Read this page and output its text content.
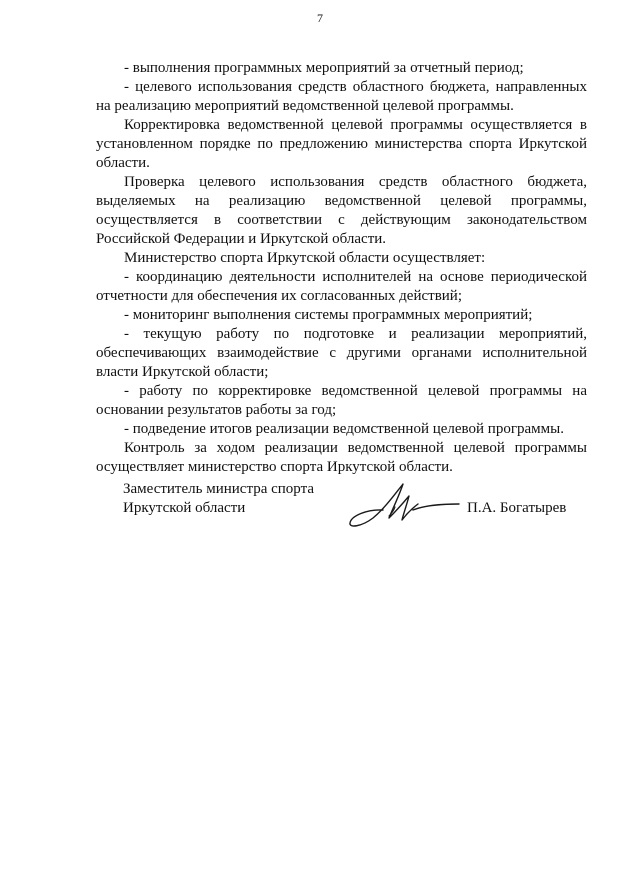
7

- выполнения программных мероприятий за отчетный период;

- целевого использования средств областного бюджета, направленных на реализацию мероприятий ведомственной целевой программы.

Корректировка ведомственной целевой программы осуществляется в установленном порядке по предложению министерства спорта Иркутской области.

Проверка целевого использования средств областного бюджета, выделяемых на реализацию ведомственной целевой программы, осуществляется в соответствии с действующим законодательством Российской Федерации и Иркутской области.

Министерство спорта Иркутской области осуществляет:

- координацию деятельности исполнителей на основе периодической отчетности для обеспечения их согласованных действий;

- мониторинг выполнения системы программных мероприятий;

- текущую работу по подготовке и реализации мероприятий, обеспечивающих взаимодействие с другими органами исполнительной власти Иркутской области;

- работу по корректировке ведомственной целевой программы на основании результатов работы за год;

- подведение итогов реализации ведомственной целевой программы.

Контроль за ходом реализации ведомственной целевой программы осуществляет министерство спорта Иркутской области.

Заместитель министра спорта
Иркутской области	П.А. Богатырев
